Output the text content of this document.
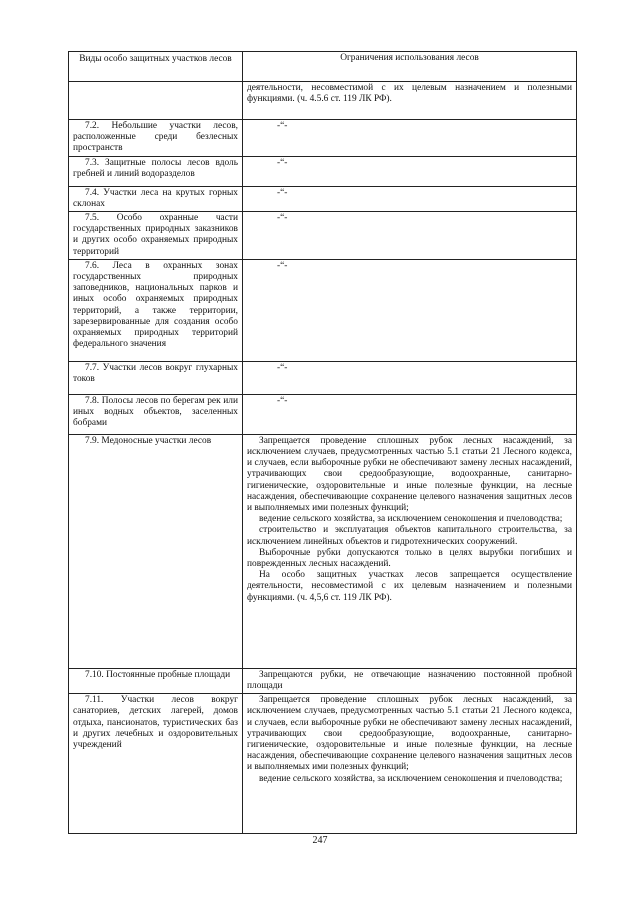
Виды особо защитных участков лесов	Ограничения использования лесов

	деятельности, несовместимой с их целевым назначением и полезными функциями. (ч. 4.5.6 ст. 119 ЛК РФ).

7.2. Небольшие участки лесов, расположенные среди безлесных пространств	-“-

7.3. Защитные полосы лесов вдоль гребней и линий водоразделов	-“-

7.4. Участки леса на крутых горных склонах	-“-

7.5. Особо охранные части государственных природных заказников и других особо охраняемых природных территорий	-“-

7.6. Леса в охранных зонах государственных природных заповедников, национальных парков и иных особо охраняемых природных территорий, а также территории, зарезервированные для создания особо охраняемых природных территорий федерального значения	-“-

7.7. Участки лесов вокруг глухарных токов	-“-

7.8. Полосы лесов по берегам рек или иных водных объектов, заселенных бобрами	-“-

7.9. Медоносные участки лесов	Запрещается проведение сплошных рубок лесных насаждений, за исключением случаев, предусмотренных частью 5.1 статьи 21 Лесного кодекса, и случаев, если выборочные рубки не обеспечивают замену лесных насаждений, утрачивающих свои средообразующие, водоохранные, санитарно-гигиенические, оздоровительные и иные полезные функции, на лесные насаждения, обеспечивающие сохранение целевого назначения защитных лесов и выполняемых ими полезных функций;
ведение сельского хозяйства, за исключением сенокошения и пчеловодства;
строительство и эксплуатация объектов капитального строительства, за исключением линейных объектов и гидротехнических сооружений.
Выборочные рубки допускаются только в целях вырубки погибших и поврежденных лесных насаждений.
На особо защитных участках лесов запрещается осуществление деятельности, несовместимой с их целевым назначением и полезными функциями. (ч. 4,5,6 ст. 119 ЛК РФ).

7.10. Постоянные пробные площади	Запрещаются рубки, не отвечающие назначению постоянной пробной площади

7.11. Участки лесов вокруг санаториев, детских лагерей, домов отдыха, пансионатов, туристических баз и других лечебных и оздоровительных учреждений	Запрещается проведение сплошных рубок лесных насаждений, за исключением случаев, предусмотренных частью 5.1 статьи 21 Лесного кодекса, и случаев, если выборочные рубки не обеспечивают замену лесных насаждений, утрачивающих свои средообразующие, водоохранные, санитарно-гигиенические, оздоровительные и иные полезные функции, на лесные насаждения, обеспечивающие сохранение целевого назначения защитных лесов и выполняемых ими полезных функций;
ведение сельского хозяйства, за исключением сенокошения и пчеловодства;
247
